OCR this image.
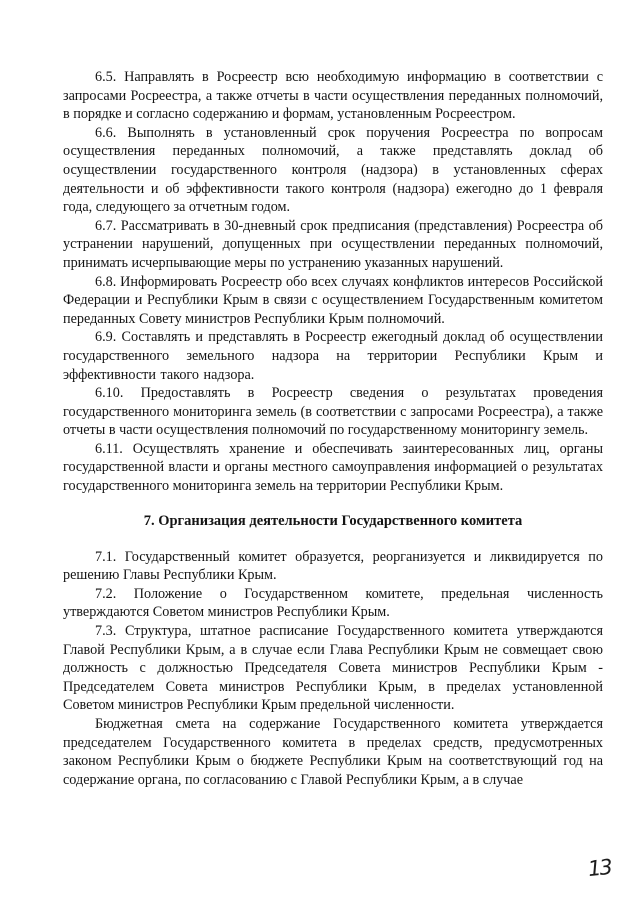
6.5. Направлять в Росреестр всю необходимую информацию в соответствии с запросами Росреестра, а также отчеты в части осуществления переданных полномочий, в порядке и согласно содержанию и формам, установленным Росреестром.

6.6. Выполнять в установленный срок поручения Росреестра по вопросам осуществления переданных полномочий, а также представлять доклад об осуществлении государственного контроля (надзора) в установленных сферах деятельности и об эффективности такого контроля (надзора) ежегодно до 1 февраля года, следующего за отчетным годом.

6.7. Рассматривать в 30-дневный срок предписания (представления) Росреестра об устранении нарушений, допущенных при осуществлении переданных полномочий, принимать исчерпывающие меры по устранению указанных нарушений.

6.8. Информировать Росреестр обо всех случаях конфликтов интересов Российской Федерации и Республики Крым в связи с осуществлением Государственным комитетом переданных Совету министров Республики Крым полномочий.

6.9. Составлять и представлять в Росреестр ежегодный доклад об осуществлении государственного земельного надзора на территории Республики Крым и эффективности такого надзора.

6.10. Предоставлять в Росреестр сведения о результатах проведения государственного мониторинга земель (в соответствии с запросами Росреестра), а также отчеты в части осуществления полномочий по государственному мониторингу земель.

6.11. Осуществлять хранение и обеспечивать заинтересованных лиц, органы государственной власти и органы местного самоуправления информацией о результатах государственного мониторинга земель на территории Республики Крым.

7. Организация деятельности Государственного комитета

7.1. Государственный комитет образуется, реорганизуется и ликвидируется по решению Главы Республики Крым.

7.2. Положение о Государственном комитете, предельная численность утверждаются Советом министров Республики Крым.

7.3. Структура, штатное расписание Государственного комитета утверждаются Главой Республики Крым, а в случае если Глава Республики Крым не совмещает свою должность с должностью Председателя Совета министров Республики Крым - Председателем Совета министров Республики Крым, в пределах установленной Советом министров Республики Крым предельной численности.

Бюджетная смета на содержание Государственного комитета утверждается председателем Государственного комитета в пределах средств, предусмотренных законом Республики Крым о бюджете Республики Крым на соответствующий год на содержание органа, по согласованию с Главой Республики Крым, а в случае

13
